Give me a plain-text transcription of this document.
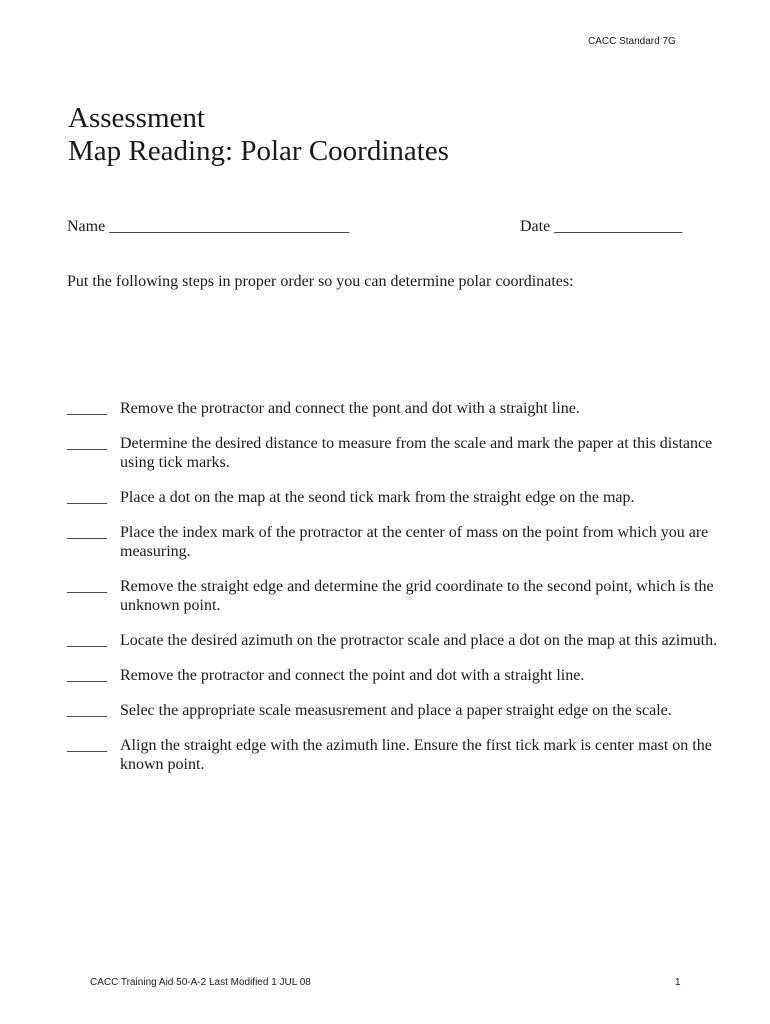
CACC Standard 7G
Assessment
Map Reading: Polar Coordinates
Name ______________________________	Date ________________
Put the following steps in proper order so you can determine polar coordinates:
_____ Remove the protractor and connect the pont and dot with a straight line.
_____ Determine the desired distance to measure from the scale and mark the paper at this distance using tick marks.
_____ Place a dot on the map at the seond tick mark from the straight edge on the map.
_____ Place the index mark of the protractor at the center of mass on the point from which you are measuring.
_____ Remove the straight edge and determine the grid coordinate to the second point, which is the unknown point.
_____ Locate the desired azimuth on the protractor scale and place a dot on the map at this azimuth.
_____ Remove the protractor and connect the point and dot with a straight line.
_____ Selec the appropriate scale measusrement and place a paper straight edge on the scale.
_____ Align the straight edge with the azimuth line. Ensure the first tick mark is center mast on the known point.
CACC Training Aid 50-A-2 Last Modified 1 JUL 08	1
